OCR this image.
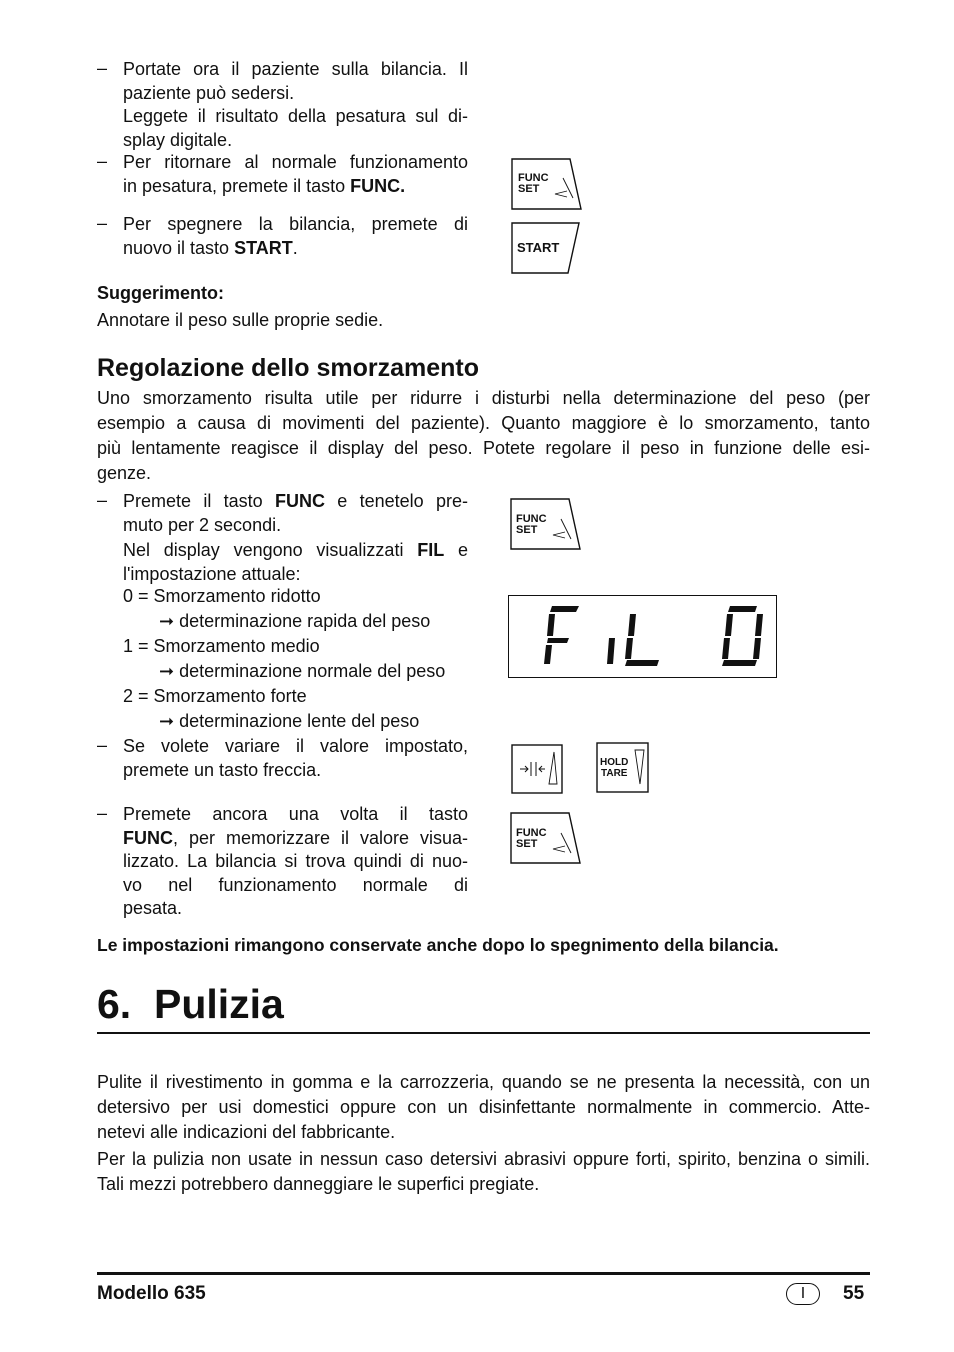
– Portate ora il paziente sulla bilancia. Il

paziente può sedersi.

Leggete il risultato della pesatura sul di-

splay digitale.

– Per ritornare al normale funzionamento

in pesatura, premete il tasto FUNC.

– Per spegnere la bilancia, premete di

nuovo il tasto START.

Suggerimento:

Annotare il peso sulle proprie sedie.

FUNC
SET
START
Regolazione dello smorzamento

Uno smorzamento risulta utile per ridurre i disturbi nella determinazione del peso (per

esempio a causa di movimenti del paziente). Quanto maggiore è lo smorzamento, tanto

più lentamente reagisce il display del peso. Potete regolare il peso in funzione delle esi-

genze.

– Premete il tasto FUNC e tenetelo pre-

muto per 2 secondi.

Nel display vengono visualizzati FIL e

l'impostazione attuale:

0 = Smorzamento ridotto
➞ determinazione rapida del peso
1 = Smorzamento medio
➞ determinazione normale del peso
2 = Smorzamento forte
➞ determinazione lente del peso
– Se volete variare il valore impostato,

premete un tasto freccia.

– Premete ancora una volta il tasto

FUNC, per memorizzare il valore visua-

lizzato. La bilancia si trova quindi di nuo-

vo nel funzionamento normale di

pesata.

FUNC
SET
HOLD
TARE
FUNC
SET

Le impostazioni rimangono conservate anche dopo lo spegnimento della bilancia.

6.  Pulizia

Pulite il rivestimento in gomma e la carrozzeria, quando se ne presenta la necessità, con un

detersivo per usi domestici oppure con un disinfettante normalmente in commercio. Atte-

netevi alle indicazioni del fabbricante.

Per la pulizia non usate in nessun caso detersivi abrasivi oppure forti, spirito, benzina o simili.

Tali mezzi potrebbero danneggiare le superfici pregiate.

Modello 635	I	55
